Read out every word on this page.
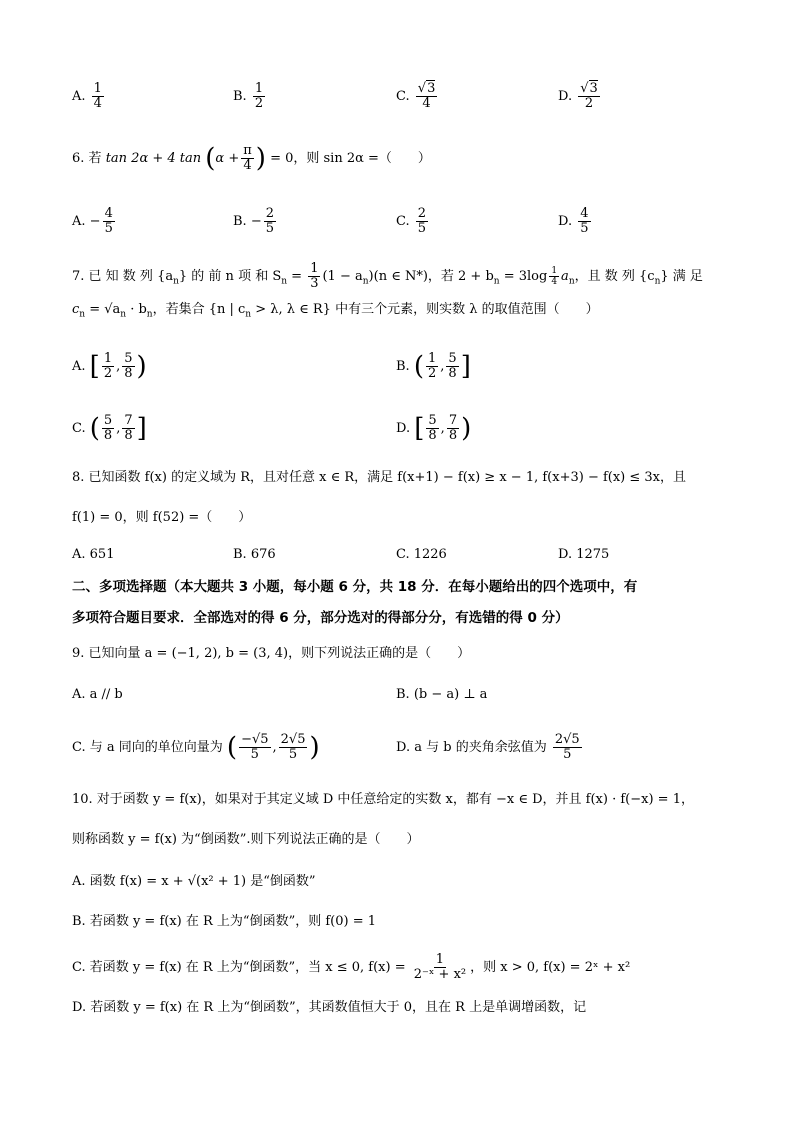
A. $\frac{1}{4}$	B. $\frac{1}{2}$	C. $\frac{√3}{4}$	D. $\frac{√3}{2}$
6. 若 tan 2α + 4 $\tan (\alpha + \frac{\pi}{4}$ ) = 0，则 sin 2α =（　　）
A. − $\frac{4}{5}$	B. − $\frac{2}{5}$	C. $\frac{2}{5}$	D. $\frac{4}{5}$
7. 已 知 数 列 $\{a_n\}$ 的 前 n 项 和 $S_n = \frac{1}{3} (1 - a_n)(n$ ∈ N*)，若 $2 + b_n = 3\log \frac{1}{4} a_n$，且 数 列 $\{c_n\}$ 满 足
$c_n = √a_n \cdot b_n$，若集合 {n | $c_n > \lambda$, λ ∈ R} 中有三个元素，则实数 λ 的取值范围（　　）
A. [ $\frac{1}{2}$ , $\frac{5}{8}$ )	B. ( $\frac{1}{2}$ , $\frac{5}{8}$ ]
C. ( $\frac{5}{8}$ , $\frac{7}{8}$ ]	D. [ $\frac{5}{8}$ , $\frac{7}{8}$ )
8. 已知函数 f(x) 的定义域为 R，且对任意 x ∈ R，满足 f(x+1) − f(x) ≥ x − 1, f(x+3) − f(x) ≤ 3x，且
f(1) = 0，则 f(52) =（　　）
A. 651	B. 676	C. 1226	D. 1275
二、多项选择题（本大题共 3 小题，每小题 6 分，共 18 分．在每小题给出的四个选项中，有
多项符合题目要求．全部选对的得 6 分，部分选对的得部分分，有选错的得 0 分）
9. 已知向量 a = (−1, 2), b = (3, 4)，则下列说法正确的是（　　）
A. a // b	B. (b − a) ⊥ a
C. 与 a 同向的单位向量为 ( $\frac{-√5}{5}$ , $\frac{2√5}{5}$ )	D. a 与 b 的夹角余弦值为 $\frac{2√5}{5}$
10. 对于函数 y = f(x)，如果对于其定义域 D 中任意给定的实数 x，都有 −x ∈ D，并且 f(x) · f(−x) = 1，
则称函数 y = f(x) 为“倒函数”.则下列说法正确的是（　　）
A. 函数 f(x) = x + √(x² + 1) 是“倒函数”
B. 若函数 y = f(x) 在 R 上为“倒函数”，则 f(0) = 1
C. 若函数 y = f(x) 在 R 上为“倒函数”，当 x ≤ 0, $f(x) = \frac{1}{\text{2⁻ˣ + x²}}$ ，则 x > 0, f(x) = 2ˣ + x²
D. 若函数 y = f(x) 在 R 上为“倒函数”，其函数值恒大于 0，且在 R 上是单调增函数，记
